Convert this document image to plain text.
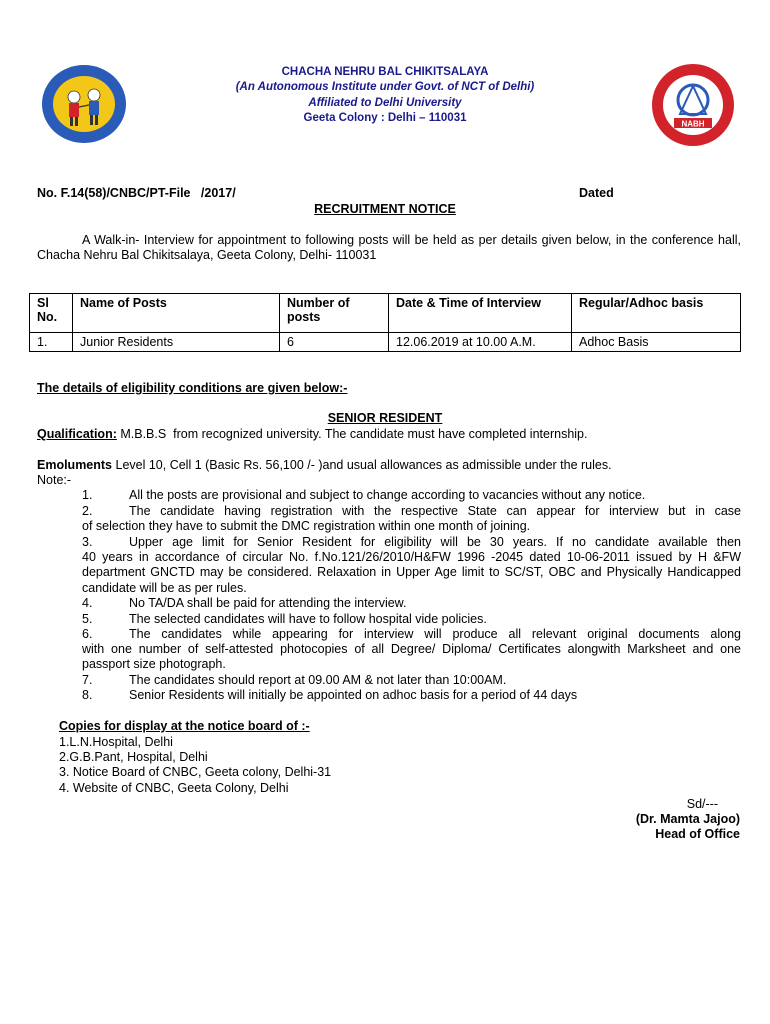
CHACHA NEHRU BAL CHIKITSALAYA
(An Autonomous Institute under Govt. of NCT of Delhi)
Affiliated to Delhi University
Geeta Colony : Delhi – 110031	NABH
No. F.14(58)/CNBC/PT-File   /2017/	Dated
RECRUITMENT NOTICE
A Walk-in- Interview for appointment to following posts will be held as per details given below, in the conference hall, Chacha Nehru Bal Chikitsalaya, Geeta Colony, Delhi- 110031
Sl No.	Name of Posts	Number of posts	Date & Time of Interview	Regular/Adhoc basis
1.	Junior Residents	6	12.06.2019 at 10.00 A.M.	Adhoc Basis
The details of eligibility conditions are given below:-
SENIOR RESIDENT
Qualification: M.B.B.S  from recognized university. The candidate must have completed internship.
Emoluments Level 10, Cell 1 (Basic Rs. 56,100 /- )and usual allowances as admissible under the rules.
Note:-
1.	All the posts are provisional and subject to change according to vacancies without any notice.
2.	The candidate having registration with the respective State can appear for interview but in case
of selection they have to submit the DMC registration within one month of joining.
3.	Upper age limit for Senior Resident for eligibility will be 30 years. If no candidate available then
40 years in accordance of circular No. f.No.121/26/2010/H&FW 1996 -2045 dated 10-06-2011 issued by H &FW department GNCTD may be considered. Relaxation in Upper Age limit to SC/ST, OBC and Physically Handicapped candidate will be as per rules.
4.	No TA/DA shall be paid for attending the interview.
5.	The selected candidates will have to follow hospital vide policies.
6.	The candidates while appearing for interview will produce all relevant original documents along
with one number of self-attested photocopies of all Degree/ Diploma/ Certificates alongwith Marksheet and one passport size photograph.
7.	The candidates should report at 09.00 AM & not later than 10:00AM.
8.	Senior Residents will initially be appointed on adhoc basis for a period of 44 days
Copies for display at the notice board of :-
1.L.N.Hospital, Delhi
2.G.B.Pant, Hospital, Delhi
3. Notice Board of CNBC, Geeta colony, Delhi-31
4. Website of CNBC, Geeta Colony, Delhi
Sd/---
(Dr. Mamta Jajoo)
Head of Office
